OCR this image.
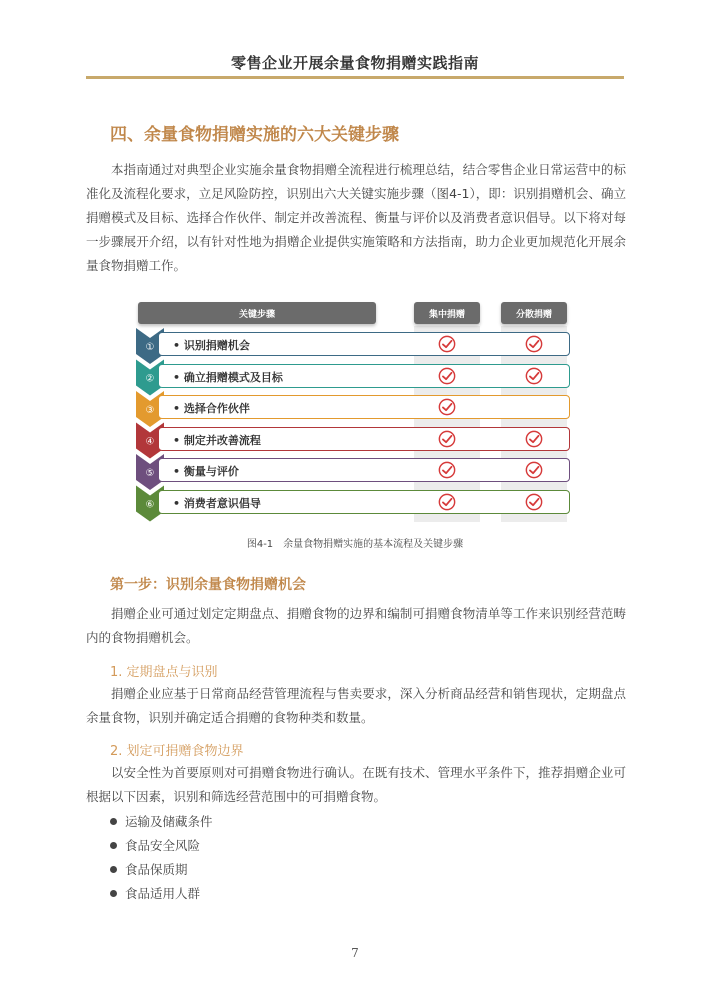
零售企业开展余量食物捐赠实践指南
四、余量食物捐赠实施的六大关键步骤

本指南通过对典型企业实施余量食物捐赠全流程进行梳理总结，结合零售企业日常运营中的标准化及流程化要求，立足风险防控，识别出六大关键实施步骤（图4-1），即：识别捐赠机会、确立捐赠模式及目标、选择合作伙伴、制定并改善流程、衡量与评价以及消费者意识倡导。以下将对每一步骤展开介绍，以有针对性地为捐赠企业提供实施策略和方法指南，助力企业更加规范化开展余量食物捐赠工作。

关键步骤	集中捐赠	分散捐赠
①
②
③
④
⑤
⑥
• 识别捐赠机会
• 确立捐赠模式及目标
• 选择合作伙伴
• 制定并改善流程
• 衡量与评价
• 消费者意识倡导
图4-1　余量食物捐赠实施的基本流程及关键步骤
第一步：识别余量食物捐赠机会

捐赠企业可通过划定定期盘点、捐赠食物的边界和编制可捐赠食物清单等工作来识别经营范畴内的食物捐赠机会。

1. 定期盘点与识别

捐赠企业应基于日常商品经营管理流程与售卖要求，深入分析商品经营和销售现状，定期盘点余量食物，识别并确定适合捐赠的食物种类和数量。

2. 划定可捐赠食物边界

以安全性为首要原则对可捐赠食物进行确认。在既有技术、管理水平条件下，推荐捐赠企业可根据以下因素，识别和筛选经营范围中的可捐赠食物。

运输及储藏条件
食品安全风险
食品保质期
食品适用人群
7
